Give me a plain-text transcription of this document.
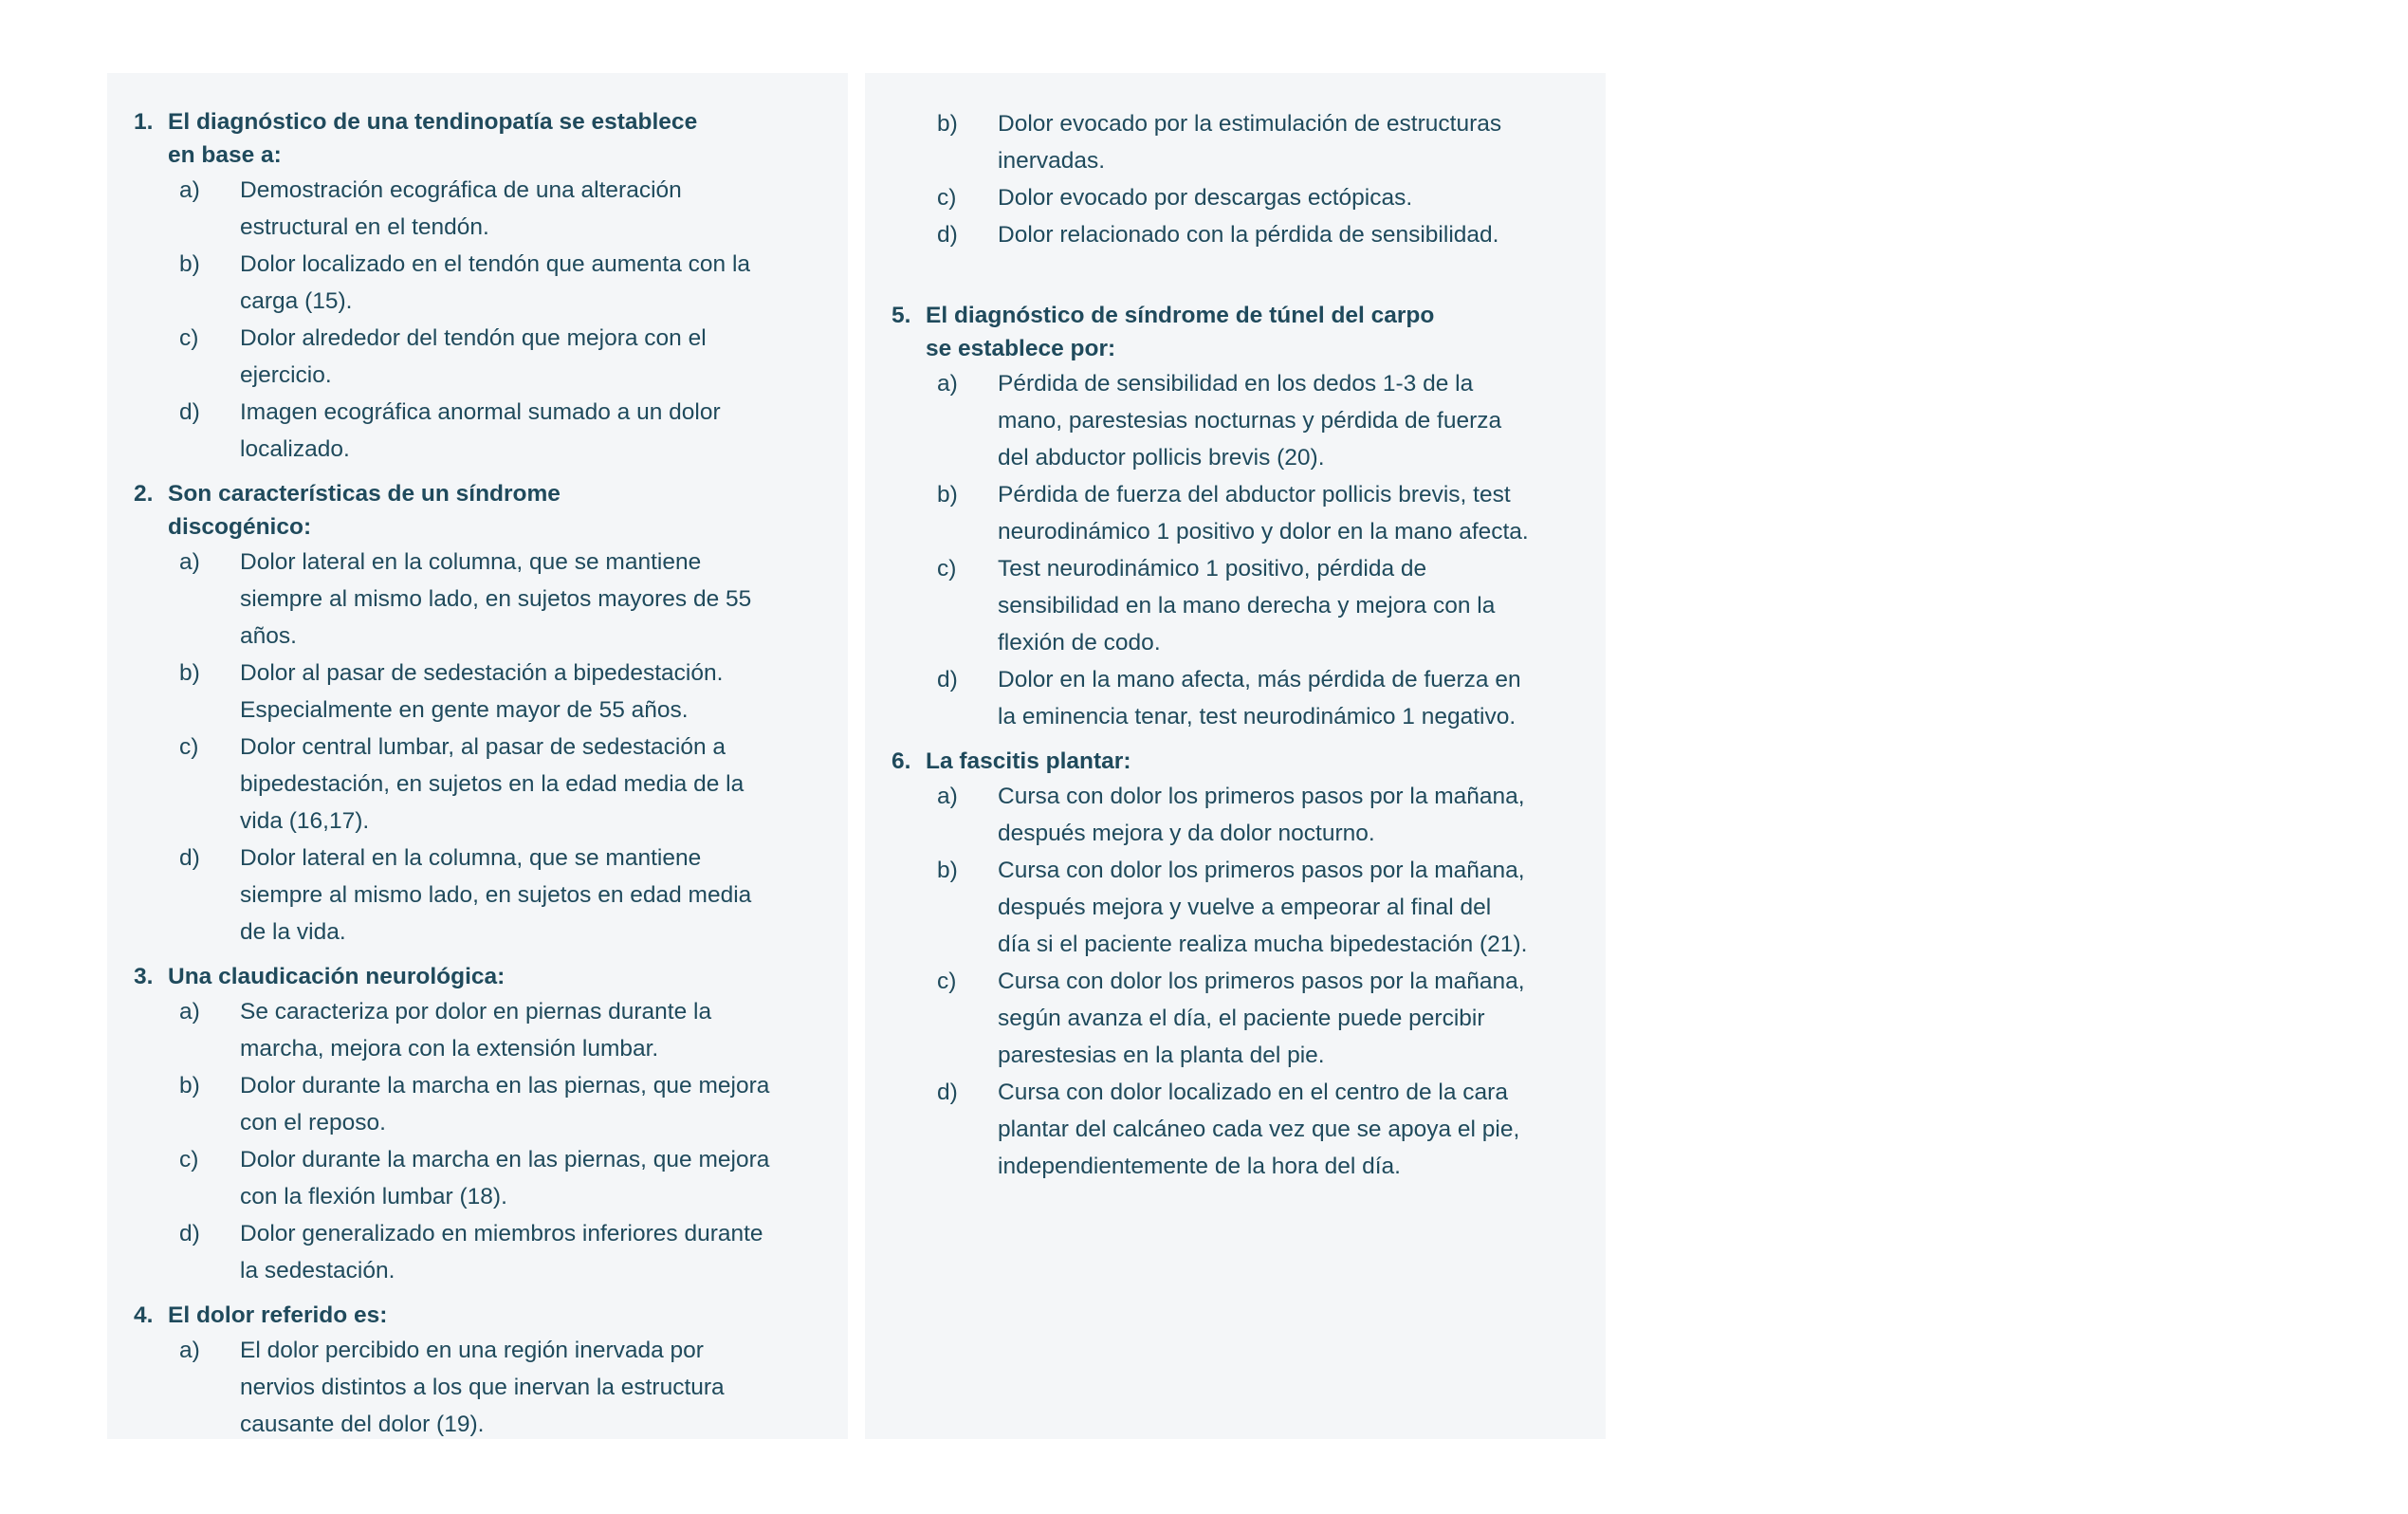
1. El diagnóstico de una tendinopatía se establece en base a:
a)	Demostración ecográfica de una alteración estructural en el tendón.
b)	Dolor localizado en el tendón que aumenta con la carga (15).
c)	Dolor alrededor del tendón que mejora con el ejercicio.
d)	Imagen ecográfica anormal sumado a un dolor localizado.
2. Son características de un síndrome discogénico:
a)	Dolor lateral en la columna, que se mantiene siempre al mismo lado, en sujetos mayores de 55 años.
b)	Dolor al pasar de sedestación a bipedestación. Especialmente en gente mayor de 55 años.
c)	Dolor central lumbar, al pasar de sedestación a bipedestación, en sujetos en la edad media de la vida (16,17).
d)	Dolor lateral en la columna, que se mantiene siempre al mismo lado, en sujetos en edad media de la vida.
3. Una claudicación neurológica:
a)	Se caracteriza por dolor en piernas durante la marcha, mejora con la extensión lumbar.
b)	Dolor durante la marcha en las piernas, que mejora con el reposo.
c)	Dolor durante la marcha en las piernas, que mejora con la flexión lumbar (18).
d)	Dolor generalizado en miembros inferiores durante la sedestación.
4. El dolor referido es:
a)	El dolor percibido en una región inervada por nervios distintos a los que inervan la estructura causante del dolor (19).
b)	Dolor evocado por la estimulación de estructuras inervadas.
c)	Dolor evocado por descargas ectópicas.
d)	Dolor relacionado con la pérdida de sensibilidad.
5. El diagnóstico de síndrome de túnel del carpo se establece por:
a)	Pérdida de sensibilidad en los dedos 1-3 de la mano, parestesias nocturnas y pérdida de fuerza del abductor pollicis brevis (20).
b)	Pérdida de fuerza del abductor pollicis brevis, test neurodinámico 1 positivo y dolor en la mano afecta.
c)	Test neurodinámico 1 positivo, pérdida de sensibilidad en la mano derecha y mejora con la flexión de codo.
d)	Dolor en la mano afecta, más pérdida de fuerza en la eminencia tenar, test neurodinámico 1 negativo.
6. La fascitis plantar:
a)	Cursa con dolor los primeros pasos por la mañana, después mejora y da dolor nocturno.
b)	Cursa con dolor los primeros pasos por la mañana, después mejora y vuelve a empeorar al final del día si el paciente realiza mucha bipedestación (21).
c)	Cursa con dolor los primeros pasos por la mañana, según avanza el día, el paciente puede percibir parestesias en la planta del pie.
d)	Cursa con dolor localizado en el centro de la cara plantar del calcáneo cada vez que se apoya el pie, independientemente de la hora del día.
